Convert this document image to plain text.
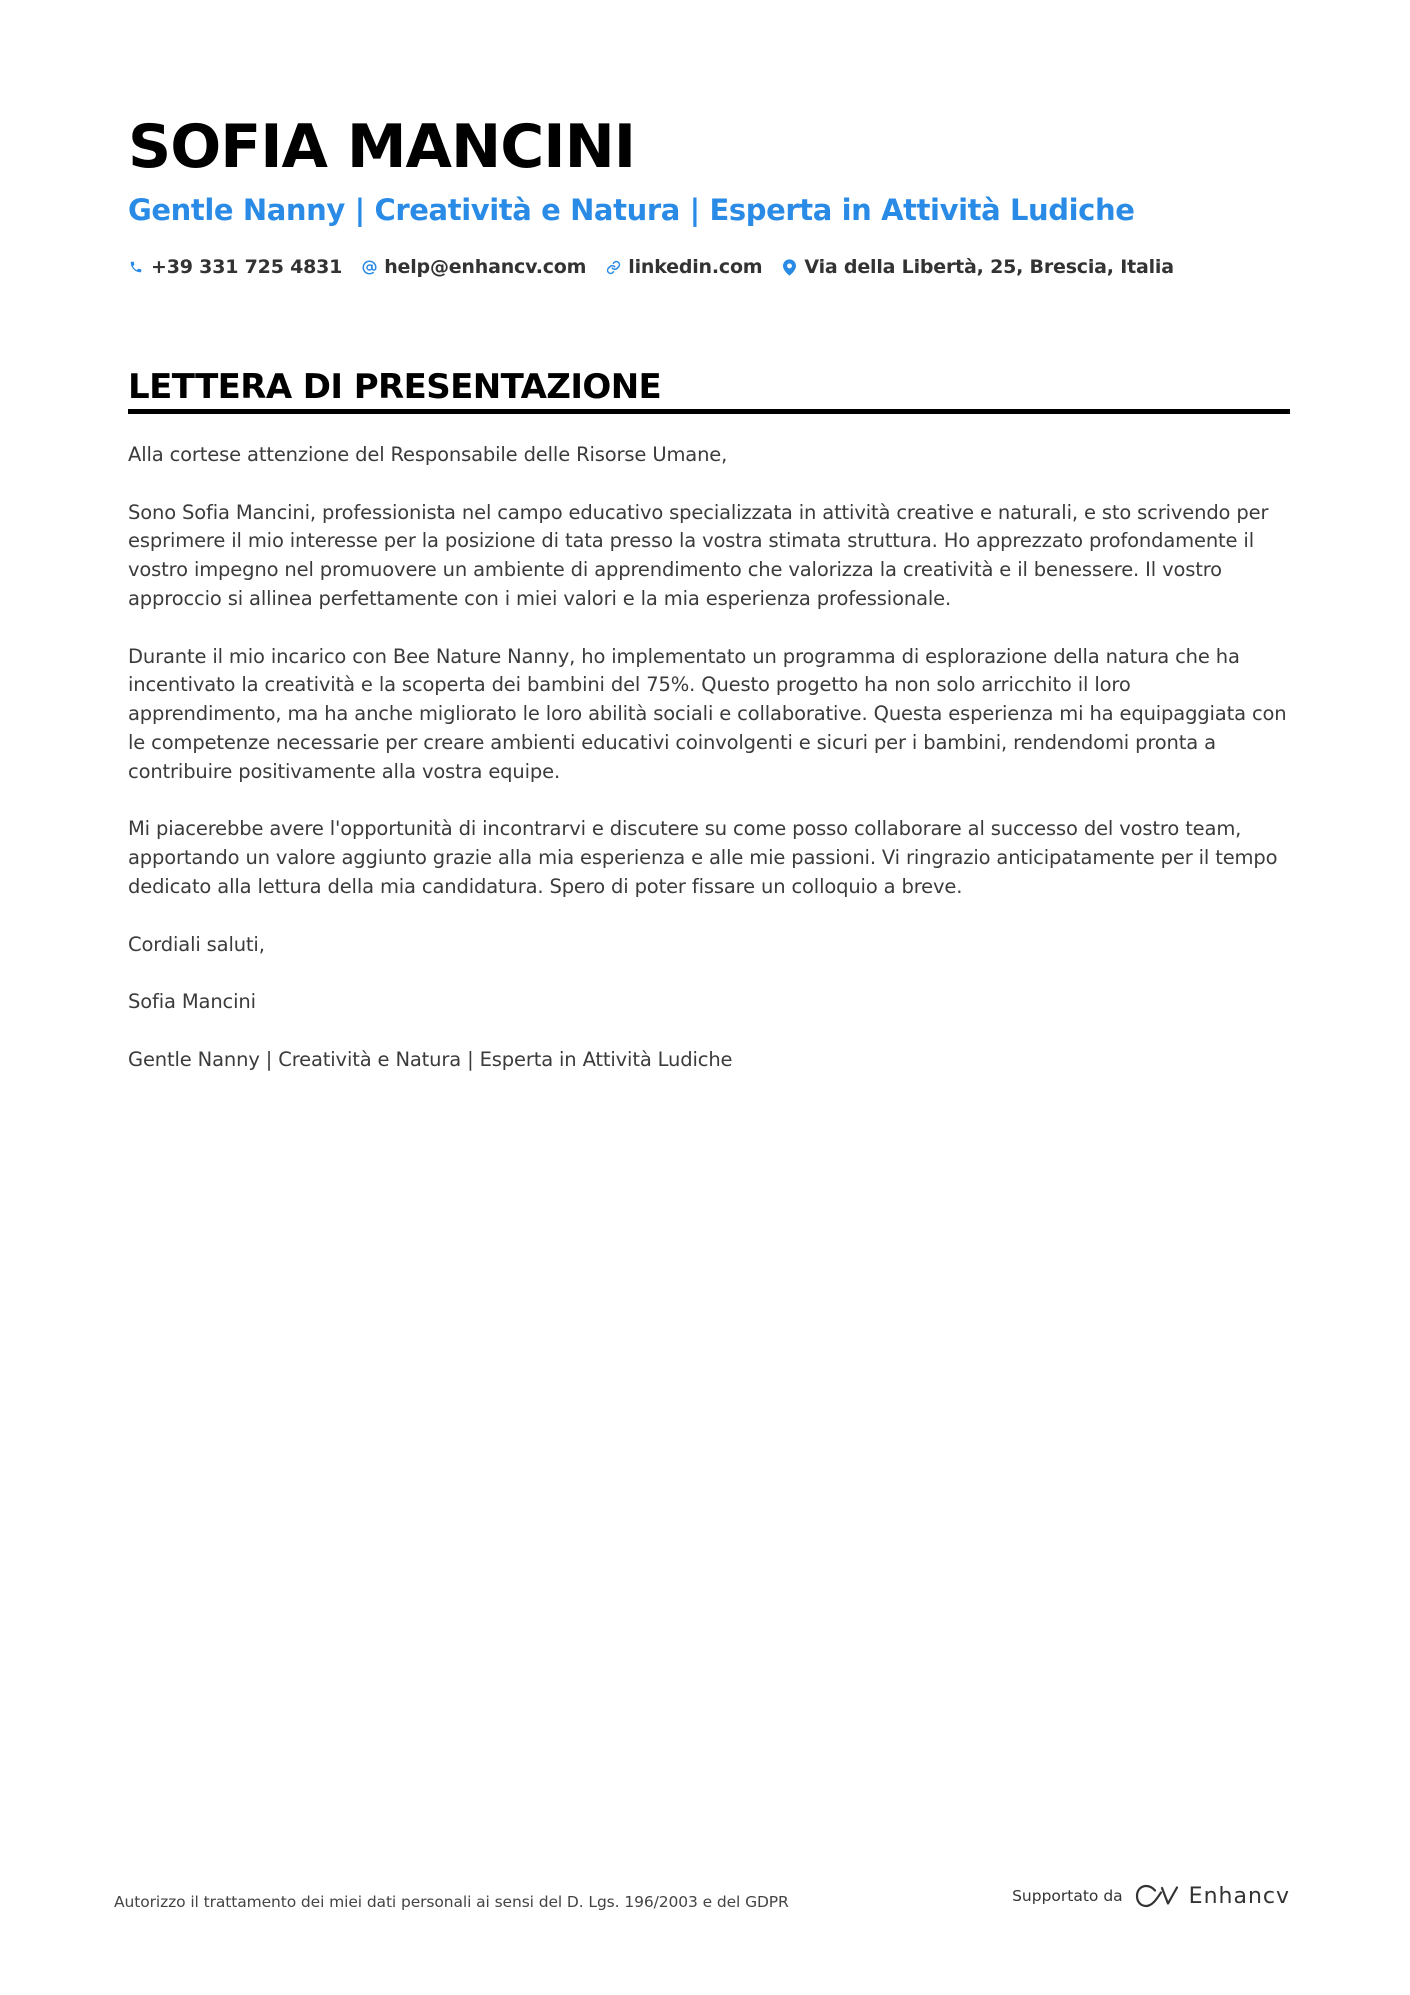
SOFIA MANCINI
Gentle Nanny | Creatività e Natura | Esperta in Attività Ludiche
+39 331 725 4831 help@enhancv.com linkedin.com Via della Libertà, 25, Brescia, Italia
LETTERA DI PRESENTAZIONE

Alla cortese attenzione del Responsabile delle Risorse Umane,

Sono Sofia Mancini, professionista nel campo educativo specializzata in attività creative e naturali, e sto scrivendo per esprimere il mio interesse per la posizione di tata presso la vostra stimata struttura. Ho apprezzato profondamente il vostro impegno nel promuovere un ambiente di apprendimento che valorizza la creatività e il benessere. Il vostro approccio si allinea perfettamente con i miei valori e la mia esperienza professionale.

Durante il mio incarico con Bee Nature Nanny, ho implementato un programma di esplorazione della natura che ha incentivato la creatività e la scoperta dei bambini del 75%. Questo progetto ha non solo arricchito il loro apprendimento, ma ha anche migliorato le loro abilità sociali e collaborative. Questa esperienza mi ha equipaggiata con le competenze necessarie per creare ambienti educativi coinvolgenti e sicuri per i bambini, rendendomi pronta a contribuire positivamente alla vostra equipe.

Mi piacerebbe avere l'opportunità di incontrarvi e discutere su come posso collaborare al successo del vostro team, apportando un valore aggiunto grazie alla mia esperienza e alle mie passioni. Vi ringrazio anticipatamente per il tempo dedicato alla lettura della mia candidatura. Spero di poter fissare un colloquio a breve.

Cordiali saluti,

Sofia Mancini

Gentle Nanny | Creatività e Natura | Esperta in Attività Ludiche

Autorizzo il trattamento dei miei dati personali ai sensi del D. Lgs. 196/2003 e del GDPR	Supportato da	Enhancv
